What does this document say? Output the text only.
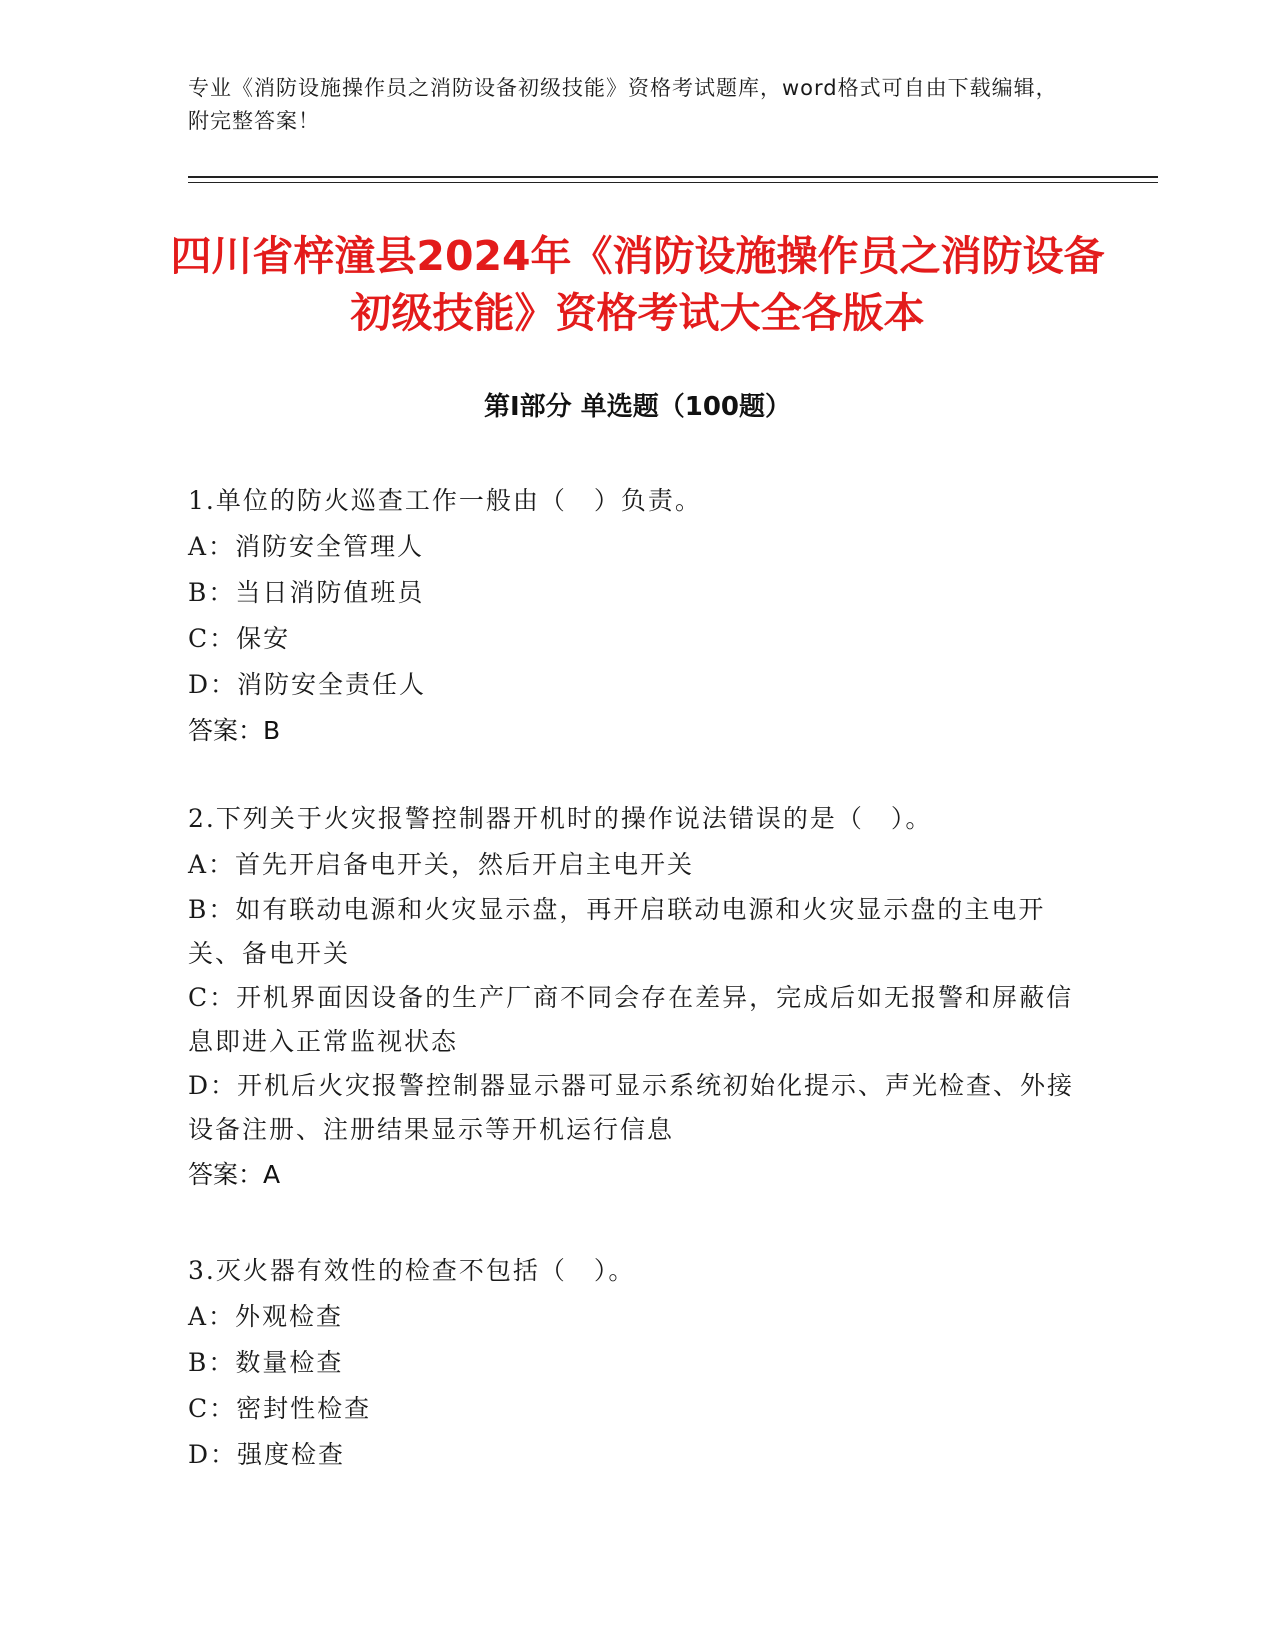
专业《消防设施操作员之消防设备初级技能》资格考试题库，word格式可自由下载编辑，附完整答案！
四川省梓潼县2024年《消防设施操作员之消防设备初级技能》资格考试大全各版本
第Ⅰ部分 单选题（100题）
1.单位的防火巡查工作一般由（　）负责。
A：消防安全管理人
B：当日消防值班员
C：保安
D：消防安全责任人
答案：B
2.下列关于火灾报警控制器开机时的操作说法错误的是（　）。
A：首先开启备电开关，然后开启主电开关
B：如有联动电源和火灾显示盘，再开启联动电源和火灾显示盘的主电开关、备电开关
C：开机界面因设备的生产厂商不同会存在差异，完成后如无报警和屏蔽信息即进入正常监视状态
D：开机后火灾报警控制器显示器可显示系统初始化提示、声光检查、外接设备注册、注册结果显示等开机运行信息
答案：A
3.灭火器有效性的检查不包括（　）。
A：外观检查
B：数量检查
C：密封性检查
D：强度检查
